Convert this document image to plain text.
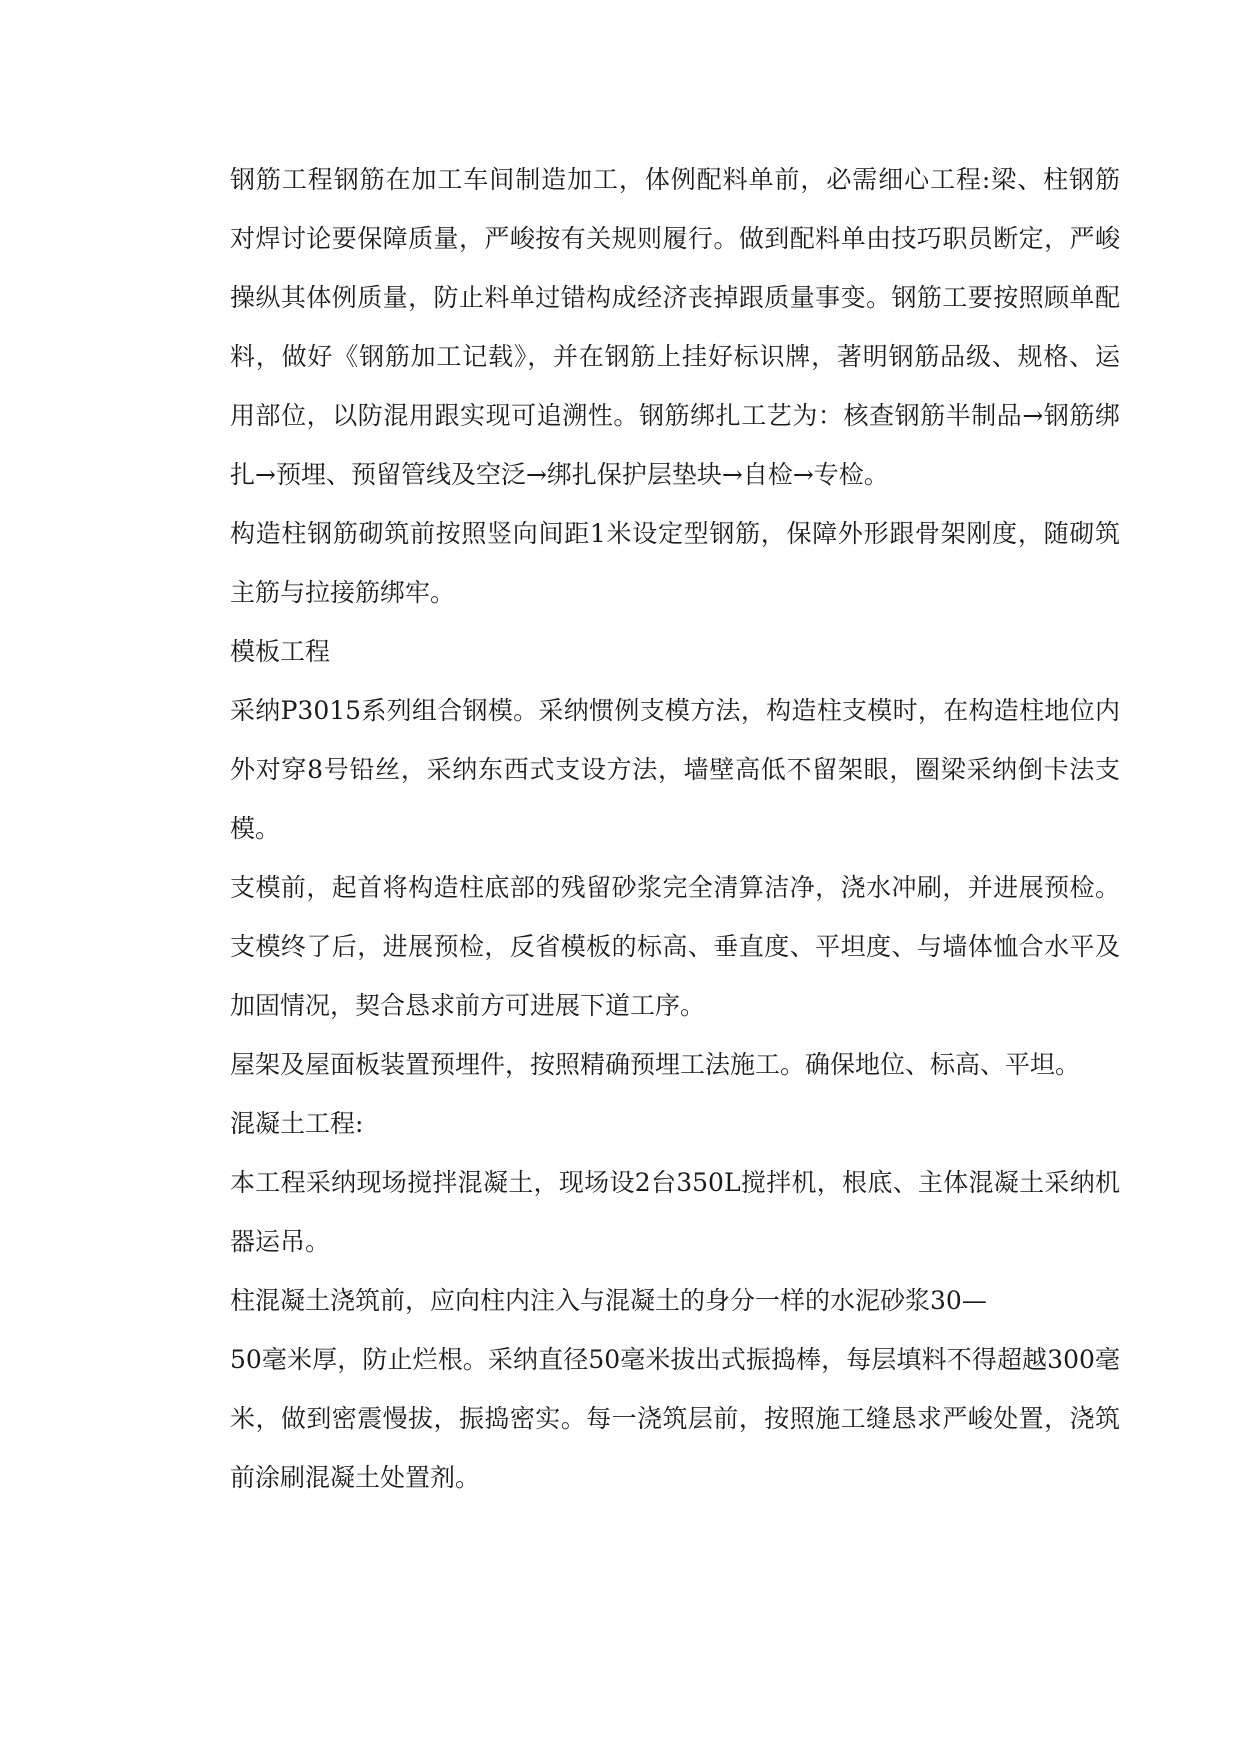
钢筋工程钢筋在加工车间制造加工，体例配料单前，必需细心工程:梁、柱钢筋
对焊讨论要保障质量，严峻按有关规则履行。做到配料单由技巧职员断定，严峻
操纵其体例质量，防止料单过错构成经济丧掉跟质量事变。钢筋工要按照顾单配
料，做好《钢筋加工记载》，并在钢筋上挂好标识牌，著明钢筋品级、规格、运
用部位，以防混用跟实现可追溯性。钢筋绑扎工艺为：核查钢筋半制品→钢筋绑
扎→预埋、预留管线及空泛→绑扎保护层垫块→自检→专检。
构造柱钢筋砌筑前按照竖向间距1米设定型钢筋，保障外形跟骨架刚度，随砌筑
主筋与拉接筋绑牢。
模板工程
采纳P3015系列组合钢模。采纳惯例支模方法，构造柱支模时，在构造柱地位内
外对穿8号铅丝，采纳东西式支设方法，墙壁高低不留架眼，圈梁采纳倒卡法支
模。
支模前，起首将构造柱底部的残留砂浆完全清算洁净，浇水冲刷，并进展预检。
支模终了后，进展预检，反省模板的标高、垂直度、平坦度、与墙体恤合水平及
加固情况，契合恳求前方可进展下道工序。
屋架及屋面板装置预埋件，按照精确预埋工法施工。确保地位、标高、平坦。
混凝土工程:
本工程采纳现场搅拌混凝土，现场设2台350L搅拌机，根底、主体混凝土采纳机
器运吊。
柱混凝土浇筑前，应向柱内注入与混凝土的身分一样的水泥砂浆30—
50毫米厚，防止烂根。采纳直径50毫米拔出式振捣棒，每层填料不得超越300毫
米，做到密震慢拔，振捣密实。每一浇筑层前，按照施工缝恳求严峻处置，浇筑
前涂刷混凝土处置剂。
